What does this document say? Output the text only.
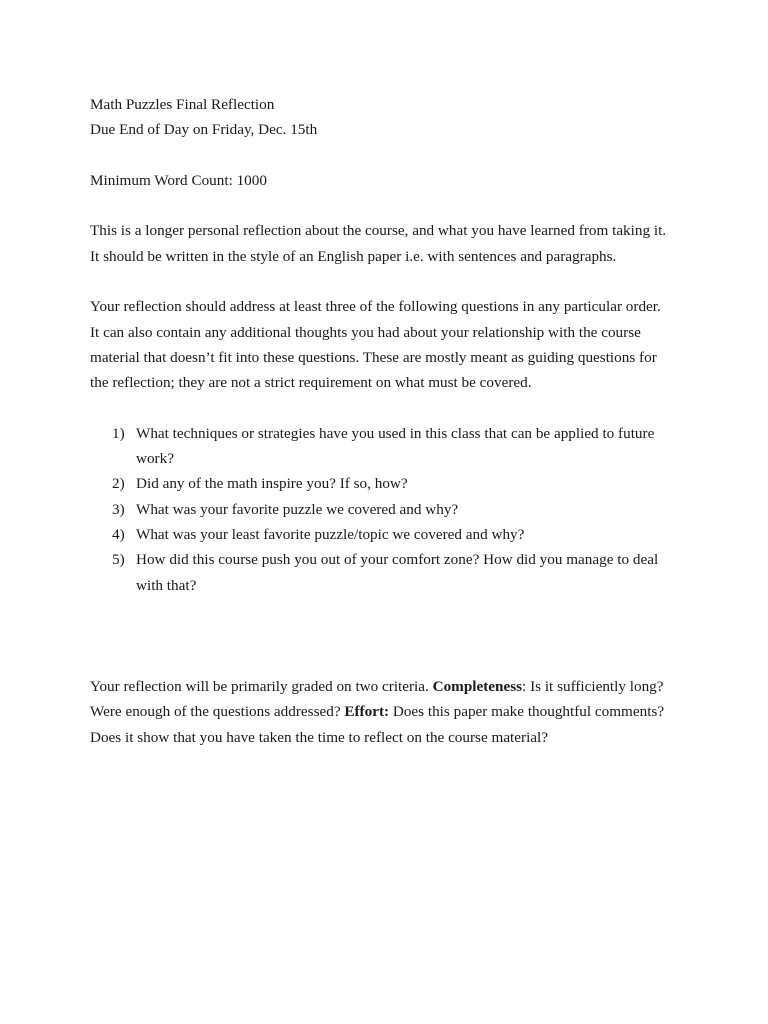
Math Puzzles Final Reflection

Due End of Day on Friday, Dec. 15th

Minimum Word Count: 1000

This is a longer personal reflection about the course, and what you have learned from taking it.

It should be written in the style of an English paper i.e. with sentences and paragraphs.

Your reflection should address at least three of the following questions in any particular order.

It can also contain any additional thoughts you had about your relationship with the course

material that doesn’t fit into these questions. These are mostly meant as guiding questions for

the reflection; they are not a strict requirement on what must be covered.

1) What techniques or strategies have you used in this class that can be applied to future

work?

2) Did any of the math inspire you? If so, how?

3) What was your favorite puzzle we covered and why?

4) What was your least favorite puzzle/topic we covered and why?

5) How did this course push you out of your comfort zone? How did you manage to deal

with that?

Your reflection will be primarily graded on two criteria. Completeness: Is it sufficiently long?

Were enough of the questions addressed? Effort: Does this paper make thoughtful comments?

Does it show that you have taken the time to reflect on the course material?
